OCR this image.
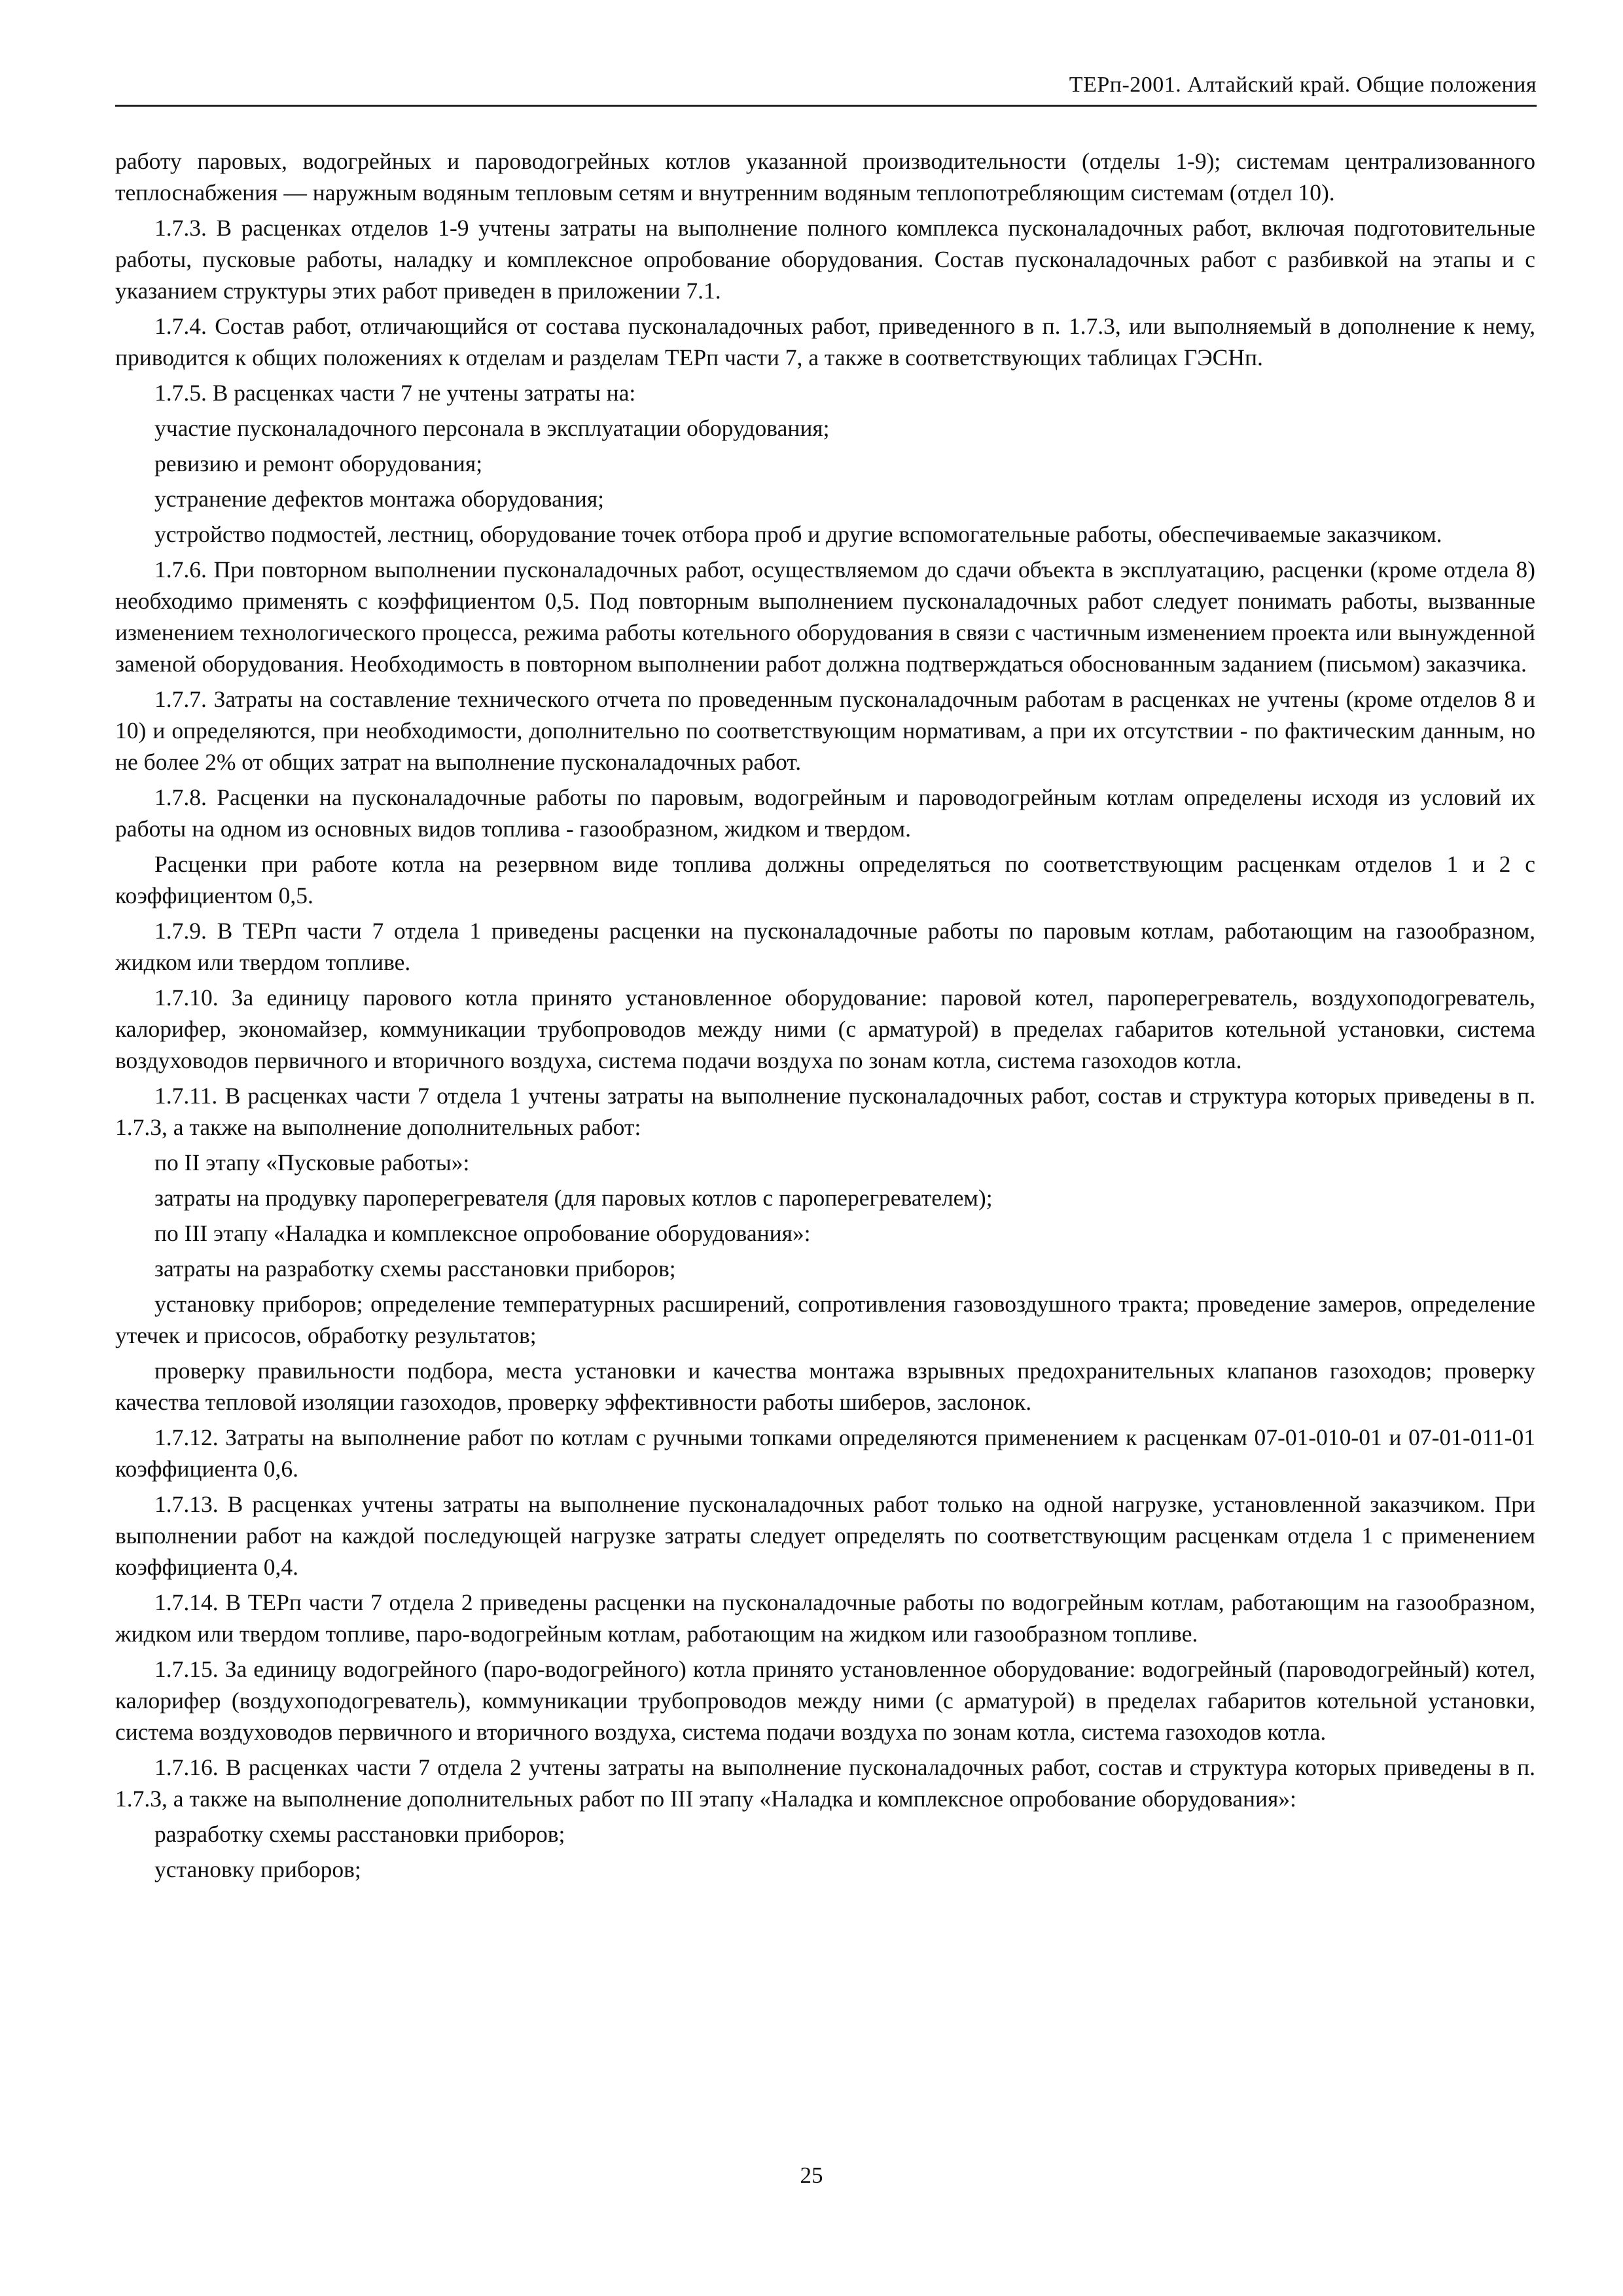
ТЕРп-2001. Алтайский край. Общие положения

работу паровых, водогрейных и пароводогрейных котлов указанной производительности (отделы 1-9); системам централизованного теплоснабжения — наружным водяным тепловым сетям и внутренним водяным теплопотребляющим системам (отдел 10).

1.7.3. В расценках отделов 1-9 учтены затраты на выполнение полного комплекса пусконаладочных работ, включая подготовительные работы, пусковые работы, наладку и комплексное опробование оборудования. Состав пусконаладочных работ с разбивкой на этапы и с указанием структуры этих работ приведен в приложении 7.1.

1.7.4. Состав работ, отличающийся от состава пусконаладочных работ, приведенного в п. 1.7.3, или выполняемый в дополнение к нему, приводится к общих положениях к отделам и разделам ТЕРп части 7, а также в соответствующих таблицах ГЭСНп.

1.7.5. В расценках части 7 не учтены затраты на:

участие пусконаладочного персонала в эксплуатации оборудования;

ревизию и ремонт оборудования;

устранение дефектов монтажа оборудования;

устройство подмостей, лестниц, оборудование точек отбора проб и другие вспомогательные работы, обеспечиваемые заказчиком.

1.7.6. При повторном выполнении пусконаладочных работ, осуществляемом до сдачи объекта в эксплуатацию, расценки (кроме отдела 8) необходимо применять с коэффициентом 0,5. Под повторным выполнением пусконаладочных работ следует понимать работы, вызванные изменением технологического процесса, режима работы котельного оборудования в связи с частичным изменением проекта или вынужденной заменой оборудования. Необходимость в повторном выполнении работ должна подтверждаться обоснованным заданием (письмом) заказчика.

1.7.7. Затраты на составление технического отчета по проведенным пусконаладочным работам в расценках не учтены (кроме отделов 8 и 10) и определяются, при необходимости, дополнительно по соответствующим нормативам, а при их отсутствии - по фактическим данным, но не более 2% от общих затрат на выполнение пусконаладочных работ.

1.7.8. Расценки на пусконаладочные работы по паровым, водогрейным и пароводогрейным котлам определены исходя из условий их работы на одном из основных видов топлива - газообразном, жидком и твердом.

Расценки при работе котла на резервном виде топлива должны определяться по соответствующим расценкам отделов 1 и 2 с коэффициентом 0,5.

1.7.9. В ТЕРп части 7 отдела 1 приведены расценки на пусконаладочные работы по паровым котлам, работающим на газообразном, жидком или твердом топливе.

1.7.10. За единицу парового котла принято установленное оборудование: паровой котел, пароперегреватель, воздухоподогреватель, калорифер, экономайзер, коммуникации трубопроводов между ними (с арматурой) в пределах габаритов котельной установки, система воздуховодов первичного и вторичного воздуха, система подачи воздуха по зонам котла, система газоходов котла.

1.7.11. В расценках части 7 отдела 1 учтены затраты на выполнение пусконаладочных работ, состав и структура которых приведены в п. 1.7.3, а также на выполнение дополнительных работ:

по II этапу «Пусковые работы»:

затраты на продувку пароперегревателя (для паровых котлов с пароперегревателем);

по III этапу «Наладка и комплексное опробование оборудования»:

затраты на разработку схемы расстановки приборов;

установку приборов; определение температурных расширений, сопротивления газовоздушного тракта; проведение замеров, определение утечек и присосов, обработку результатов;

проверку правильности подбора, места установки и качества монтажа взрывных предохранительных клапанов газоходов; проверку качества тепловой изоляции газоходов, проверку эффективности работы шиберов, заслонок.

1.7.12. Затраты на выполнение работ по котлам с ручными топками определяются применением к расценкам 07-01-010-01 и 07-01-011-01 коэффициента 0,6.

1.7.13. В расценках учтены затраты на выполнение пусконаладочных работ только на одной нагрузке, установленной заказчиком. При выполнении работ на каждой последующей нагрузке затраты следует определять по соответствующим расценкам отдела 1 с применением коэффициента 0,4.

1.7.14. В ТЕРп части 7 отдела 2 приведены расценки на пусконаладочные работы по водогрейным котлам, работающим на газообразном, жидком или твердом топливе, паро-водогрейным котлам, работающим на жидком или газообразном топливе.

1.7.15. За единицу водогрейного (паро-водогрейного) котла принято установленное оборудование: водогрейный (пароводогрейный) котел, калорифер (воздухоподогреватель), коммуникации трубопроводов между ними (с арматурой) в пределах габаритов котельной установки, система воздуховодов первичного и вторичного воздуха, система подачи воздуха по зонам котла, система газоходов котла.

1.7.16. В расценках части 7 отдела 2 учтены затраты на выполнение пусконаладочных работ, состав и структура которых приведены в п. 1.7.3, а также на выполнение дополнительных работ по III этапу «Наладка и комплексное опробование оборудования»:

разработку схемы расстановки приборов;

установку приборов;

25
